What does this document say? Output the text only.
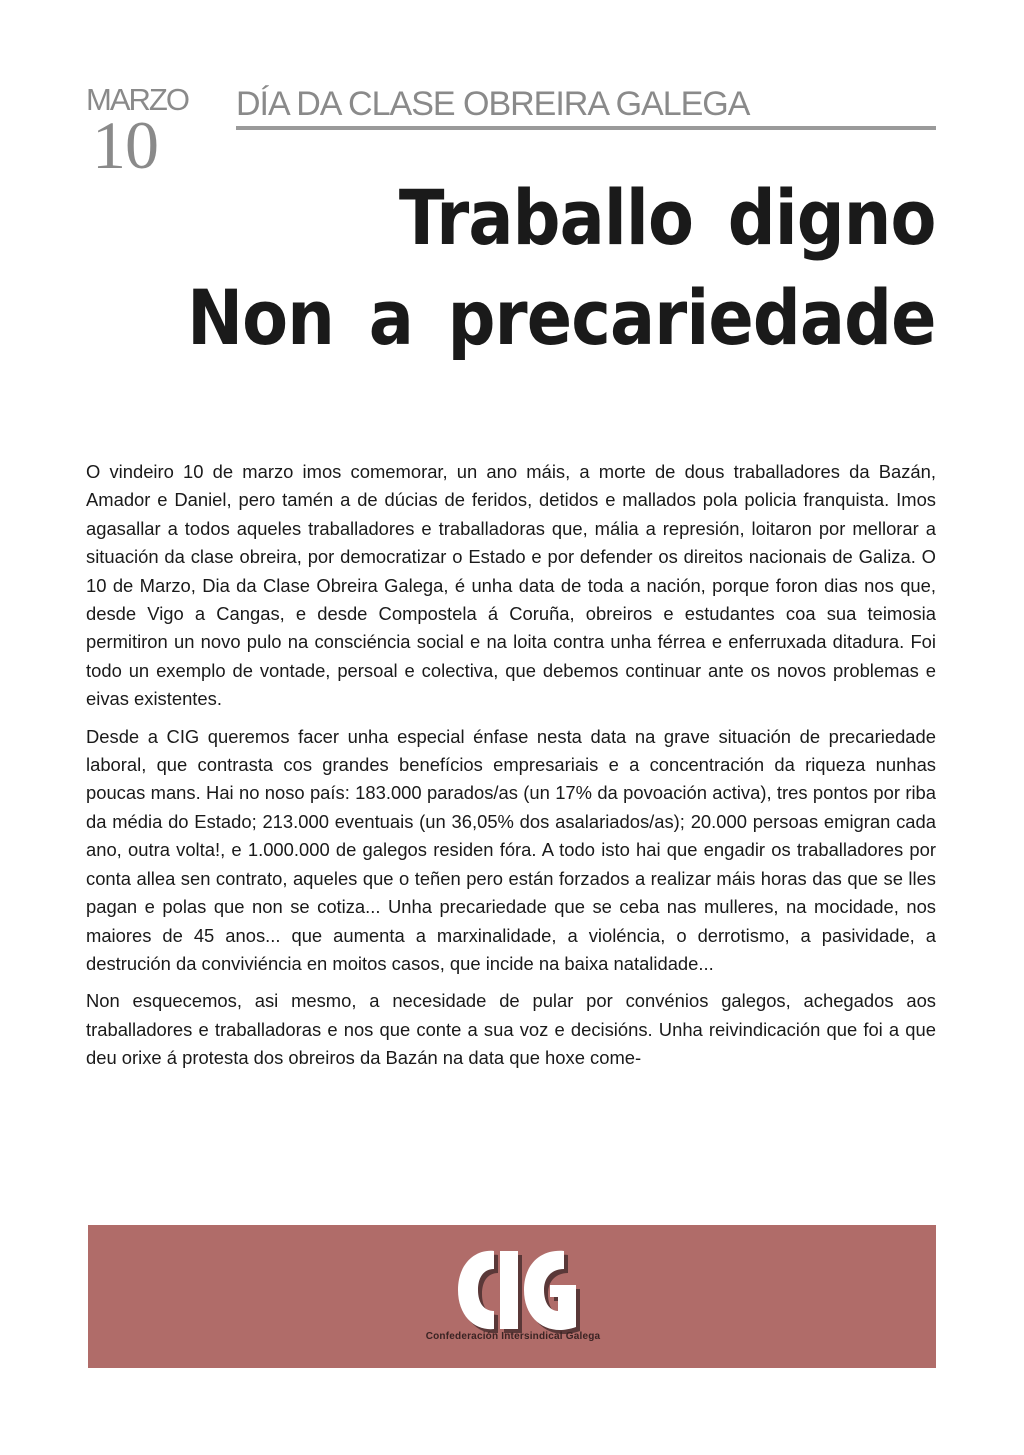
MARZO
10
DÍA DA CLASE OBREIRA GALEGA
Traballo digno
Non a precariedade

O vindeiro 10 de marzo imos comemorar, un ano máis, a morte de dous traballadores da Bazán, Amador e Daniel, pero tamén a de dúcias de feridos, detidos e mallados pola policia franquista. Imos agasallar a todos aqueles traballadores e traballadoras que, mália a represión, loitaron por mellorar a situación da clase obreira, por democratizar o Estado e por defender os direitos nacionais de Galiza. O 10 de Marzo, Dia da Clase Obreira Galega, é unha data de toda a nación, porque foron dias nos que, desde Vigo a Cangas, e desde Compostela á Coruña, obreiros e estudantes coa sua teimosia permitiron un novo pulo na consciéncia social e na loita contra unha férrea e enferruxada ditadura. Foi todo un exemplo de vontade, persoal e colectiva, que debemos continuar ante os novos problemas e eivas existentes.

Desde a CIG queremos facer unha especial énfase nesta data na grave situación de precariedade laboral, que contrasta cos grandes benefícios empresariais e a concentración da riqueza nunhas poucas mans. Hai no noso país: 183.000 parados/as (un 17% da povoación activa), tres pontos por riba da média do Estado; 213.000 eventuais (un 36,05% dos asalariados/as); 20.000 persoas emigran cada ano, outra volta!, e 1.000.000 de galegos residen fóra. A todo isto hai que engadir os traballadores por conta allea sen contrato, aqueles que o teñen pero están forzados a realizar máis horas das que se lles pagan e polas que non se cotiza... Unha precariedade que se ceba nas mulleres, na mocidade, nos maiores de 45 anos... que aumenta a marxinalidade, a violéncia, o derrotismo, a pasividade, a destrución da conviviéncia en moitos casos, que incide na baixa natalidade...

Non esquecemos, asi mesmo, a necesidade de pular por convénios galegos, achegados aos traballadores e traballadoras e nos que conte a sua voz e decisións. Unha reivindicación que foi a que deu orixe á protesta dos obreiros da Bazán na data que hoxe come-

Confederación Intersindical Galega
